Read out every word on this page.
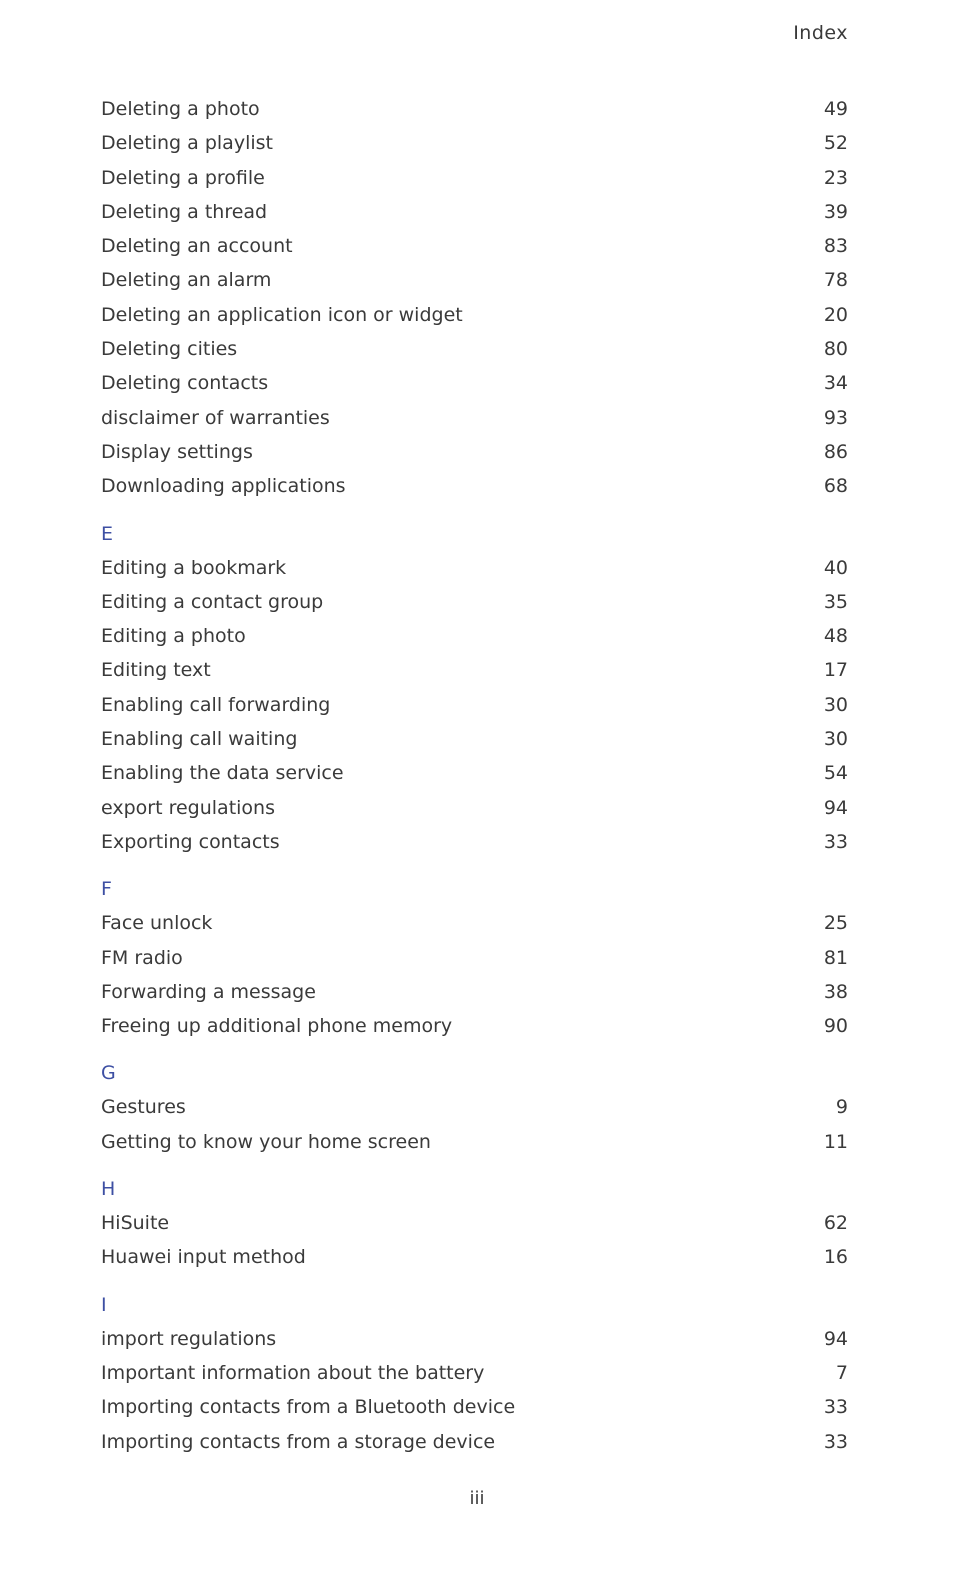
Index
Deleting a photo	49
Deleting a playlist	52
Deleting a profile	23
Deleting a thread	39
Deleting an account	83
Deleting an alarm	78
Deleting an application icon or widget	20
Deleting cities	80
Deleting contacts	34
disclaimer of warranties	93
Display settings	86
Downloading applications	68
E
Editing a bookmark	40
Editing a contact group	35
Editing a photo	48
Editing text	17
Enabling call forwarding	30
Enabling call waiting	30
Enabling the data service	54
export regulations	94
Exporting contacts	33
F
Face unlock	25
FM radio	81
Forwarding a message	38
Freeing up additional phone memory	90
G
Gestures	9
Getting to know your home screen	11
H
HiSuite	62
Huawei input method	16
I
import regulations	94
Important information about the battery	7
Importing contacts from a Bluetooth device	33
Importing contacts from a storage device	33
iii
